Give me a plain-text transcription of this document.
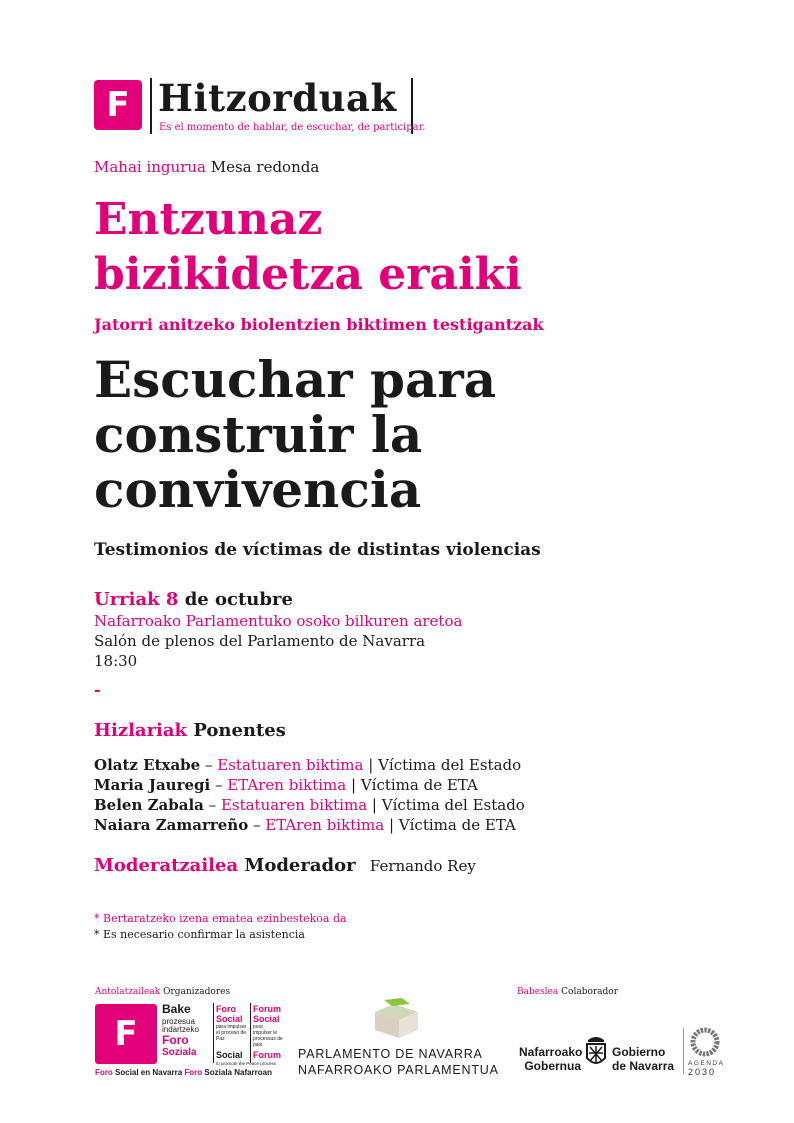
F Hitzorduak
Es el momento de hablar, de escuchar, de participar.
Mahai ingurua Mesa redonda
Entzunaz
bizikidetza eraiki
Jatorri anitzeko biolentzien biktimen testigantzak
Escuchar para
construir la
convivencia
Testimonios de víctimas de distintas violencias
Urriak 8 de octubre
Nafarroako Parlamentuko osoko bilkuren aretoa
Salón de plenos del Parlamento de Navarra
18:30
-
Hizlariak Ponentes
Olatz Etxabe – Estatuaren biktima | Víctima del Estado
Maria Jauregi – ETAren biktima | Víctima de ETA
Belen Zabala – Estatuaren biktima | Víctima del Estado
Naiara Zamarreño – ETAren biktima | Víctima de ETA
Moderatzailea Moderador Fernando Rey
* Bertaratzeko izena ematea ezinbestekoa da
* Es necesario confirmar la asistencia
Antolatzaileak Organizadores
F
Bake
prozesua
indartzeko
Foro
Soziala
Foro Social
para impulsar el proceso de Paz
Social
Forum Social
pour impulser le processus de paix
Forum
to promote the Peace process
Foro Social en Navarra Foro Soziala Nafarroan
PARLAMENTO DE NAVARRA
NAFARROAKO PARLAMENTUA
Babeslea Colaborador
Nafarroako
Gobernua
Gobierno
de Navarra AGENDA
2030
